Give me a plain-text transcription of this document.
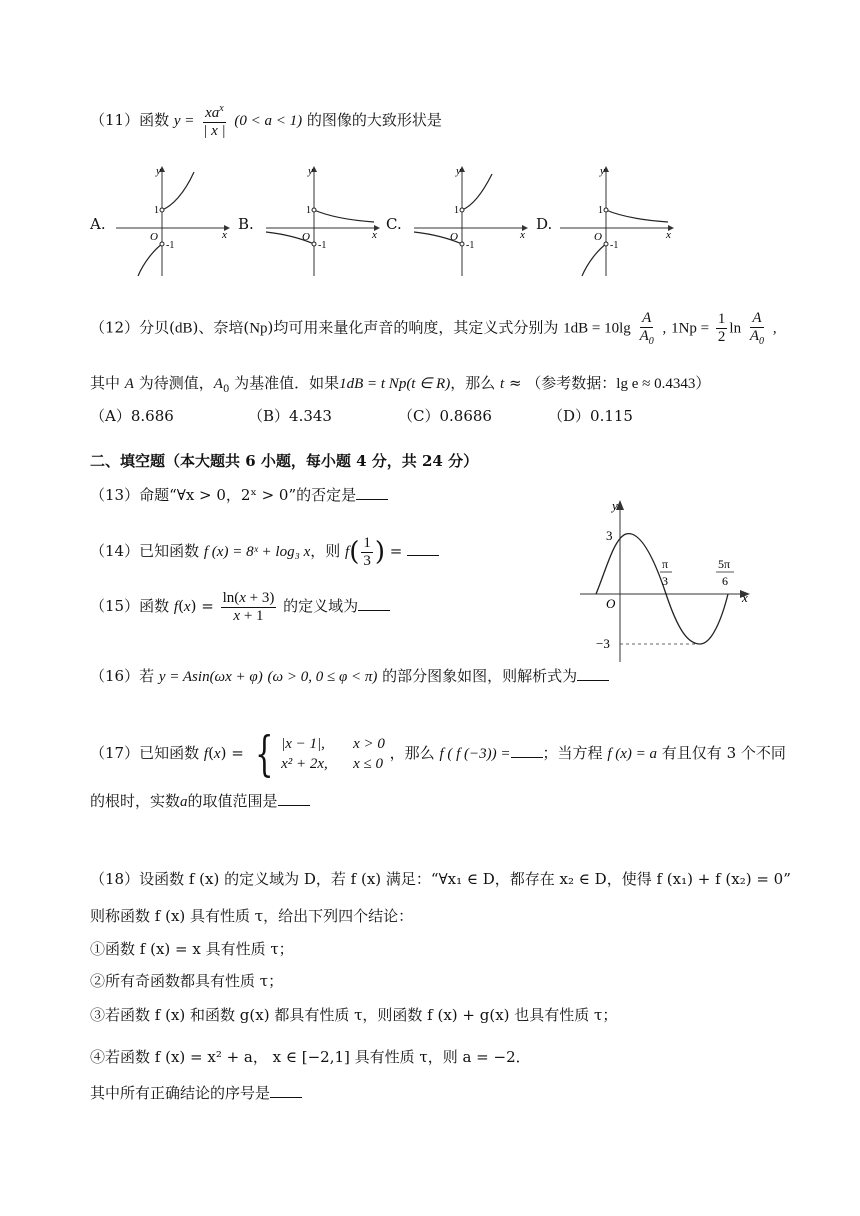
（11）函数 $y = \frac{xa^x}{| x |} (0 < a < 1)$ 的图像的大致形状是
A.
y
x
O
1
-1
B.
y
x
O
1
-1
C.
y
x
O
1
-1
D.
y
x
O
1
-1
（12）分贝(dB)、奈培(Np)均可用来量化声音的响度，其定义式分别为 $1dB = 10\lg \frac{A}{A_0}$ , $1Np = \frac{1}{2}$ $\ln \frac{A}{A_0}$ ,
其中 A 为待测值，$A_0$ 为基准值．如果1dB = t Np(t ∈ R)，那么 t ≈ （参考数据：lg e ≈ 0.4343）
（A）8.686	（B）4.343	（C）0.8686	（D）0.115
二、填空题（本大题共 6 小题，每小题 4 分，共 24 分）
（13）命题“∀x > 0，2ˣ > 0”的否定是
（14）已知函数 f (x) = 8ˣ + log₃ x，则 $f( \frac{1}{3}$ ) =
（15）函数 $f(x) = \frac{\ln(x + 3)}{x + 1}$ 的定义域为
y
x
O
3
−3
π
3
5π
6
（16）若 y = Asin(ωx + φ) (ω > 0, 0 ≤ φ < π) 的部分图象如图，则解析式为
（17）已知函数 f(x) = { |x − 1|, x > 0
x² + 2x, x ≤ 0
，那么 f ( f (−3)) = ；当方程 f (x) = a 有且仅有 3 个不同
的根时，实数a的取值范围是
（18）设函数 f (x) 的定义域为 D，若 f (x) 满足：“∀x₁ ∈ D，都存在 x₂ ∈ D，使得 f (x₁) + f (x₂) = 0”
则称函数 f (x) 具有性质 τ，给出下列四个结论：
①函数 f (x) = x 具有性质 τ；
②所有奇函数都具有性质 τ；
③若函数 f (x) 和函数 g(x) 都具有性质 τ，则函数 f (x) + g(x) 也具有性质 τ；
④若函数 f (x) = x² + a， x ∈ [−2,1] 具有性质 τ，则 a = −2．
其中所有正确结论的序号是
